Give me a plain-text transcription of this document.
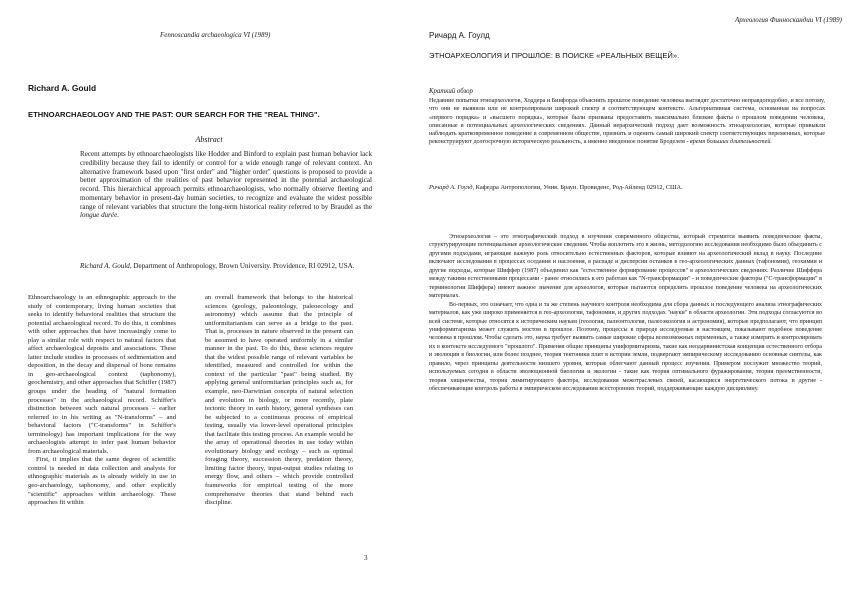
Fennoscandia archaeologica VI (1989)
Richard A. Gould
ETHNOARCHAEOLOGY AND THE PAST: OUR SEARCH FOR THE "REAL THING".
Abstract

Recent attempts by ethnoarchaeologists like Hodder and Binford to explain past human behavior lack credibility because they fail to identify or control for a wide enough range of relevant context. An alternative framework based upon "first order" and "higher order" questions is proposed to provide a better approximation of the realities of past behavior represented in the potential archaeological record. This hierarchical approach permits ethnoarchaeologists, who normally observe fleeting and momentary behavior in present-day human societies, to recognize and evaluate the widest possible range of relevant variables that structure the long-term historical reality referred to by Braudel as the longue durée.

Richard A. Gould, Department of Anthropology, Brown University. Providence, RI 02912, USA.

Ethnoarchaeology is an ethnographic approach to the study of contemporary, living human societies that seeks to identify behavioral realities that structure the potential archaeological record. To do this, it combines with other approaches that have increasingly come to play a similar role with respect to natural factors that affect archaeological deposits and associations. These latter include studies in processes of sedimentation and deposition, in the decay and dispersal of bone remains in geo-archaeological context (taphonomy), geochemistry, and other approaches that Schiffer (1987) groups under the heading of "natural formation processes" in the archaeological record. Schiffer's distinction between such natural processes – earlier referred to in his writing as "N-transforms" – and behavioral factors ("C-transforms" in Schiffer's terminology) has important implications for the way archaeologists attempt to infer past human behavior from archaeological materials.

First, it implies that the same degree of scientific control is needed in data collection and analysis for ethnographic materials as is already widely in use in geo-archaeology, taphonomy, and other explicitly "scientific" approaches within archaeology. These approaches fit within

an overall framework that belongs to the historical sciences (geology, paleontology, paleoecology and astronomy) which assume that the principle of uniformitarianism can serve as a bridge to the past. That is, processes in nature observed in the present can be assumed to have operated uniformly in a similar manner in the past. To do this, these sciences require that the widest possible range of relevant variables be identified, measured and controlled for within the context of the particular "past" being studied. By applying general uniformitarian principles such as, for example, neo-Darwinian concepts of natural selection and evolution in biology, or more recently, plate tectonic theory in earth history, general syntheses can be subjected to a continuous process of empirical testing, usually via lower-level operational principles that facilitate this testing process. An example would be the array of operational theories in use today within evolutionary biology and ecology – such as optimal foraging theory, succession theory, predation theory, limiting factor theory, input-output studies relating to energy flow, and others – which provide controlled frameworks for empirical testing of the more comprehensive theories that stand behind each discipline.

3
Археология Финноскандии VI (1989)
Ричард А. Гоулд
ЭТНОАРХЕОЛОГИЯ И ПРОШЛОЕ: В ПОИСКЕ «РЕАЛЬНЫХ ВЕЩЕЙ».
Краткий обзор

Недавние попытки этноархеологов, Ходдера и Бинфорда объяснить прошлое поведение человека выглядят достаточно неправдоподобно, и все потому, что они не выявили или не контролировали широкий спектр в соответствующем контексте. Альтернативная система, основанная на вопросах «первого порядка» и «высшего порядка», которые были призваны предоставить максимально близкие факты о прошлом поведении человека, описанные в потенциальных археологических сведениях. Данный иерархический подход дает возможность этноархеологам, которые привыкли наблюдать кратковременное поведение в современном обществе, признать и оценить самый широкий спектр соответствующих переменных, которые реконструируют долгосрочную историческую реальность, а именно введенное понятие Броделем - время больших длительностей.

Ричард А. Гоулд, Кафедра Антропологии, Унив. Браун. Провиденс, Род-Айленд 02912, США.

Этноархеология – это этнографический подход в изучении современного общества, который стремится выявить поведенческие факты, структурирующие потенциальные археологические сведения. Чтобы воплотить это в жизнь, методологию исследования необходимо было объединить с другими подходами, играющие важную роль относительно естественных факторов, которые влияют на археологический вклад в науку. Последние включают исследования в процессах оседания и наслоения, в распаде и дисперсии останков в гео-археологических данных (тафономия), геохимии и другие подходы, которые Шиффер (1987) объединил как "естественное формирование процессов" в археологических сведениях. Различие Шиффера между такими естественными процессами - ранее относились к его работам как "N-трансформации" - и поведенческие факторы ("С-трансформации" в терминологии Шиффера) имеют важное значение для археологов, которые пытаются определить прошлое поведение человека на археологических материалах.

Во-первых, это означает, что одна и та же степень научного контроля необходима для сбора данных и последующего анализа этнографических материалов, как уже широко применяется в гео-археологии, тафономии, и других подходах "науки" в области археологии. Эти подходы согласуются во всей системе, которые относятся к историческим наукам (геология, палеонтология, палеоэкология и астрономия), которые предполагают, что принцип униформитаризма может служить мостом в прошлое. Поэтому, процессы в природе исследуемые в настоящем, показывают подобное поведение человека в прошлом. Чтобы сделать это, наука требует выявить самые широкие сферы всевозможных переменных, а также измерить и контролировать их в контексте исследуемого "прошлого". Применяя общие принципы униформитаризма, такие как неодарвинистская концепция естественного отбора и эволюции в биологии, или более позднее, теория тектоники плит в истории земли, подвергают эмпирическому исследованию основные синтезы, как правило, через принципы деятельности низшего уровня, которые облегчают данный процесс изучения. Примером послужит множество теорий, используемых сегодня в области эволюционной биологии и экологии - такие как теория оптимального фуражирования, теория преемственности, теория хищничества, теория лимитирующего фактора, исследования межотраслевых связей, касающиеся энергетического потока и другие - обеспечивающие контроль работы в эмпирическом исследовании всесторонних теорий, поддерживающие каждую дисциплину.
